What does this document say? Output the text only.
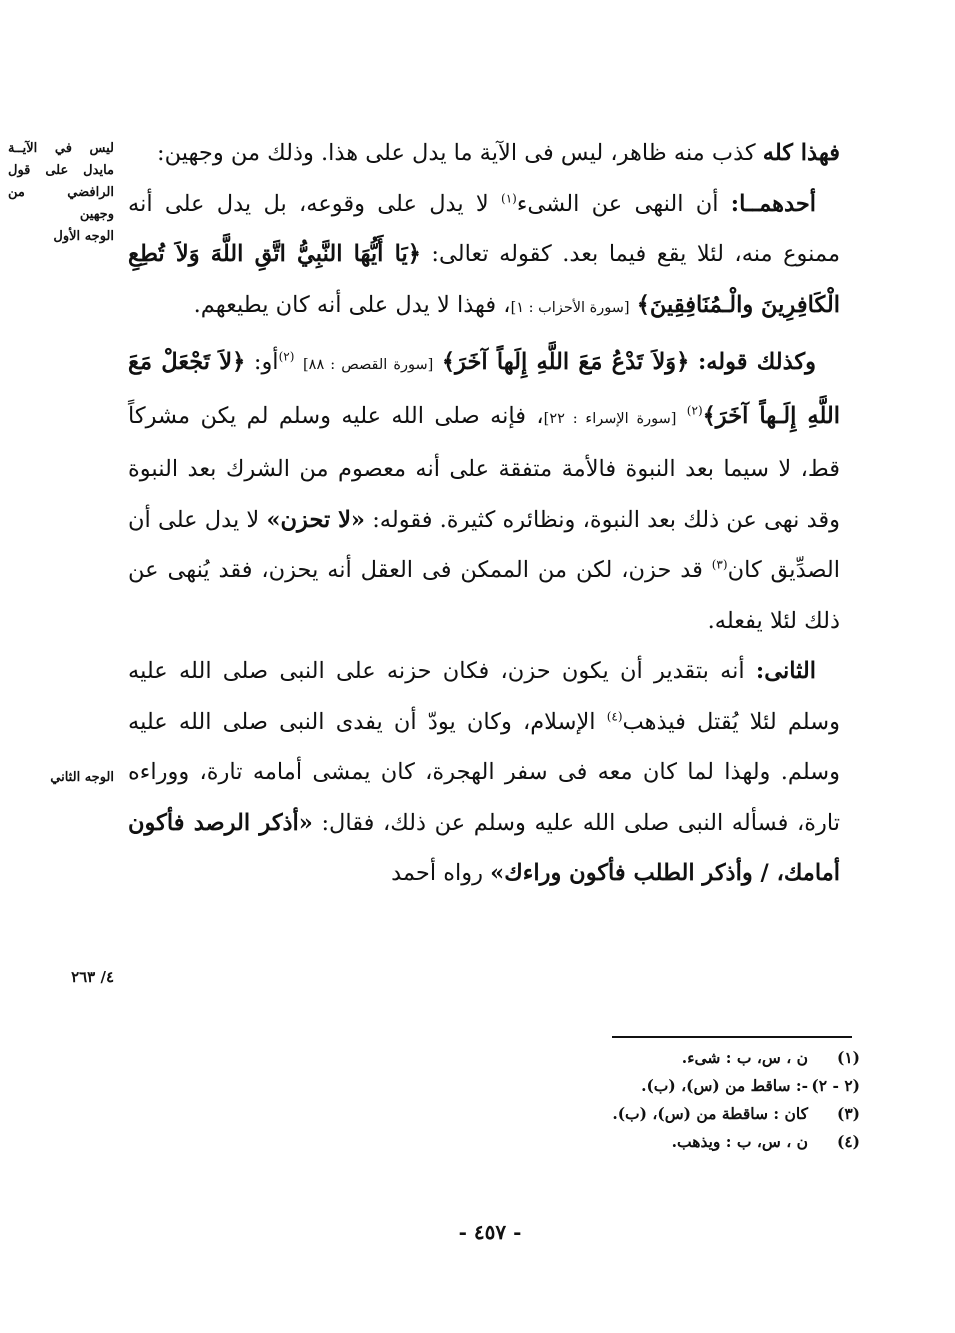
ليس في الآيــة مايدل على قول الرافضي من وجهين
الوجه الأول
الوجه الثاني
٤/ ٢٦٣

فهذا كله كذب منه ظاهر، ليس فى الآية ما يدل على هذا. وذلك من وجهين:

أحدهمــا: أن النهى عن الشىء$^{(١)}$ لا يدل على وقوعه، بل يدل على أنه ممنوع منه، لئلا يقع فيما بعد. كقوله تعالى: ﴿يَا أَيُّهَا النَّبِيُّ اتَّقِ اللَّهَ وَلاَ تُطِعِ الْكَافِرِينَ والْـمُنَافِقِينَ﴾ [سورة الأحزاب : ١]، فهذا لا يدل على أنه كان يطيعهم.

وكذلك قوله: ﴿وَلاَ تَدْعُ مَعَ اللَّهِ إِلَهاً آخَرَ﴾ [سورة القصص : ٨٨] $^{(٢)}$أو: ﴿لاَ تَجْعَلْ مَعَ اللَّهِ إِلَـهاً آخَرَ﴾$^{(٢)}$ [سورة الإسراء : ٢٢]، فإنه صلى الله عليه وسلم لم يكن مشركاً قط، لا سيما بعد النبوة فالأمة متفقة على أنه معصوم من الشرك بعد النبوة وقد نهى عن ذلك بعد النبوة، ونظائره كثيرة. فقوله: «لا تحزن» لا يدل على أن الصدِّيق كان$^{(٣)}$ قد حزن، لكن من الممكن فى العقل أنه يحزن، فقد يُنهى عن ذلك لئلا يفعله.

الثانى: أنه بتقدير أن يكون حزن، فكان حزنه على النبى صلى الله عليه وسلم لئلا يُقتل فيذهب$^{(٤)}$ الإسلام، وكان يودّ أن يفدى النبى صلى الله عليه وسلم. ولهذا لما كان معه فى سفر الهجرة، كان يمشى أمامه تارة، ووراءه تارة، فسأله النبى صلى الله عليه وسلم عن ذلك، فقال: «أذكر الرصد فأكون أمامك، / وأذكر الطلب فأكون وراءك» رواه أحمد

(١)ن ، س، ب : شىء.
(٢ - ٢)-: ساقط من (س)، (ب).
(٣)كان : ساقطة من (س)، (ب).
(٤)ن ، س، ب : ويذهب.
- ٤٥٧ -
